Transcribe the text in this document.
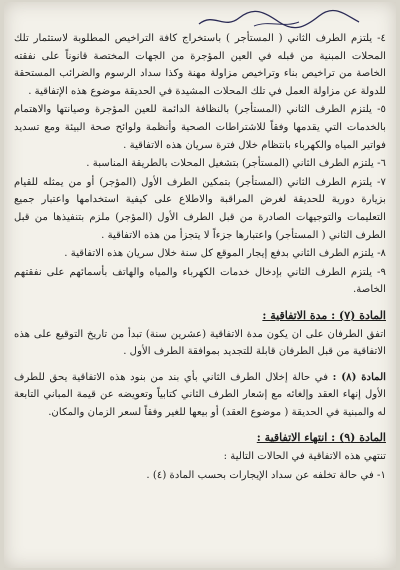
٤- يلتزم الطرف الثاني ( المستأجر ) باستخراج كافة التراخيص المطلوبة لاستثمار تلك المحلات المبنية من قبله في العين المؤجرة من الجهات المختصة قانوناً على نفقته الخاصة من تراخيص بناء وتراخيص مزاولة مهنة وكذا سداد الرسوم والضرائب المستحقة للدولة عن مزاولة العمل في تلك المحلات المشيدة في الحديقة موضوع هذه الإتفاقية .

٥- يلتزم الطرف الثاني (المستأجر) بالنظافة الدائمة للعين المؤجرة وصيانتها والاهتمام بالخدمات التي يقدمها وفقاً للاشتراطات الصحية وأنظمة ولوائح صحة البيئة ومع تسديد فواتير المياه والكهرباء بانتظام خلال فترة سريان هذه الاتفاقية .

٦- يلتزم الطرف الثاني (المستأجر) بتشغيل المحلات بالطريقة المناسبة .

٧- يلتزم الطرف الثاني (المستأجر) بتمكين الطرف الأول (المؤجر) أو من يمثله للقيام بزيارة دورية للحديقة لغرض المراقبة والاطلاع على كيفية استخدامها واعتبار جميع التعليمات والتوجيهات الصادرة من قبل الطرف الأول (المؤجر) ملزم بتنفيذها من قبل الطرف الثاني ( المستأجر) واعتبارها جزءاً لا يتجزأ من هذه الاتفاقية .

٨- يلتزم الطرف الثاني بدفع إيجار الموقع كل سنة خلال سريان هذه الاتفاقية .

٩- يلتزم الطرف الثاني بإدخال خدمات الكهرباء والمياه والهاتف بأسمائهم على نفقتهم الخاصة.

المادة (٧) : مدة الاتفاقية :

اتفق الطرفان على ان يكون مدة الاتفاقية (عشرين سنة) تبدأ من تاريخ التوقيع على هذه الاتفاقية من قبل الطرفان قابلة للتجديد بموافقة الطرف الأول .

المادة (٨) : في حالة إخلال الطرف الثاني بأي بند من بنود هذه الاتفاقية يحق للطرف الأول إنهاء العقد وإلغائه مع إشعار الطرف الثاني كتابياً وتعويضه عن قيمة المباني التابعة له والمبنية في الحديقة ( موضوع العقد) أو بيعها للغير وفقاً لسعر الزمان والمكان.

المادة (٩) : انتهاء الاتفاقية :

تنتهي هذه الاتفاقية في الحالات التالية :

١- في حالة تخلفه عن سداد الإيجارات بحسب المادة (٤) .
